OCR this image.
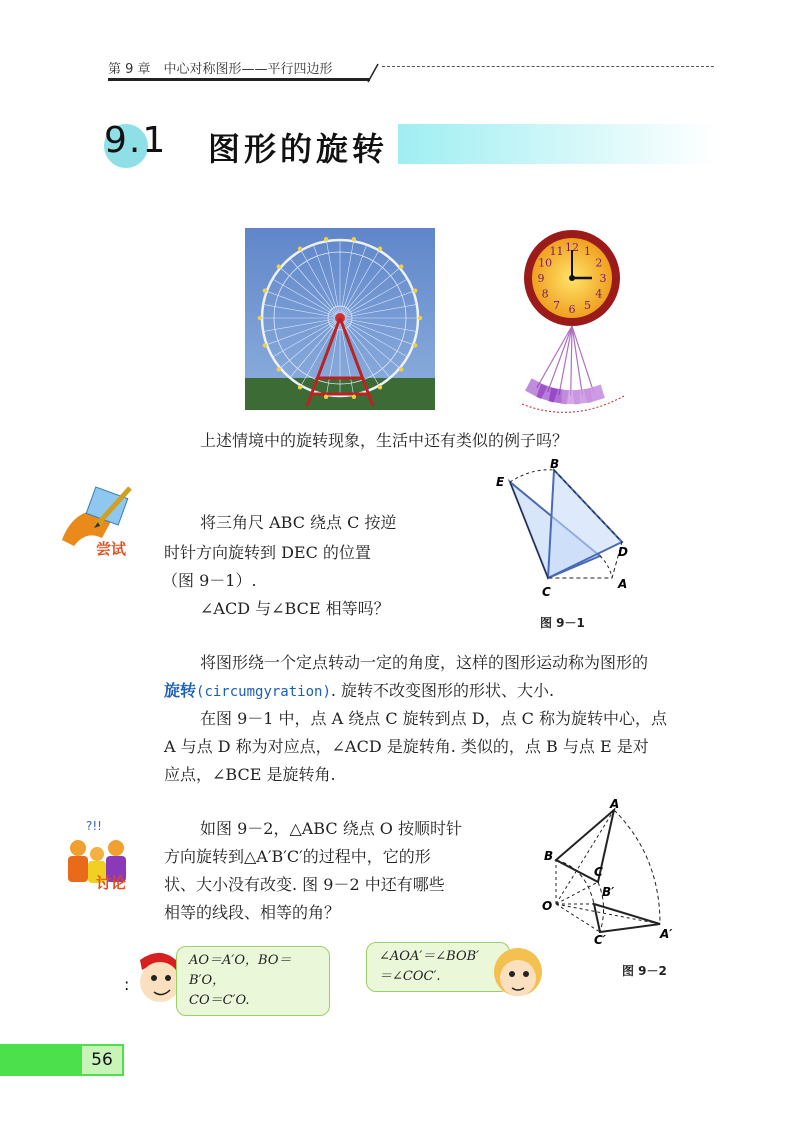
第 9 章　中心对称图形——平行四边形
9.1 图形的旋转
12 1
2
3
4
5
6
7
8
9
10
11
上述情境中的旋转现象，生活中还有类似的例子吗？
尝试
将三角尺 ABC 绕点 C 按逆
时针方向旋转到 DEC 的位置
（图 9－1）.
∠ACD 与∠BCE 相等吗？
B
E
D
C
A
图 9－1
将图形绕一个定点转动一定的角度，这样的图形运动称为图形的
旋转(circumgyration). 旋转不改变图形的形状、大小.
在图 9－1 中，点 A 绕点 C 旋转到点 D，点 C 称为旋转中心，点
A 与点 D 称为对应点，∠ACD 是旋转角. 类似的，点 B 与点 E 是对
应点，∠BCE 是旋转角.
?!!
讨论
如图 9－2，△ABC 绕点 O 按顺时针
方向旋转到△A′B′C′的过程中，它的形
状、大小没有改变. 图 9－2 中还有哪些
相等的线段、相等的角？
A
B
C
O
A′
B′
C′
图 9－2
:
AO＝A′O，BO＝B′O，
CO＝C′O.
∠AOA′＝∠BOB′
＝∠COC′.
56
